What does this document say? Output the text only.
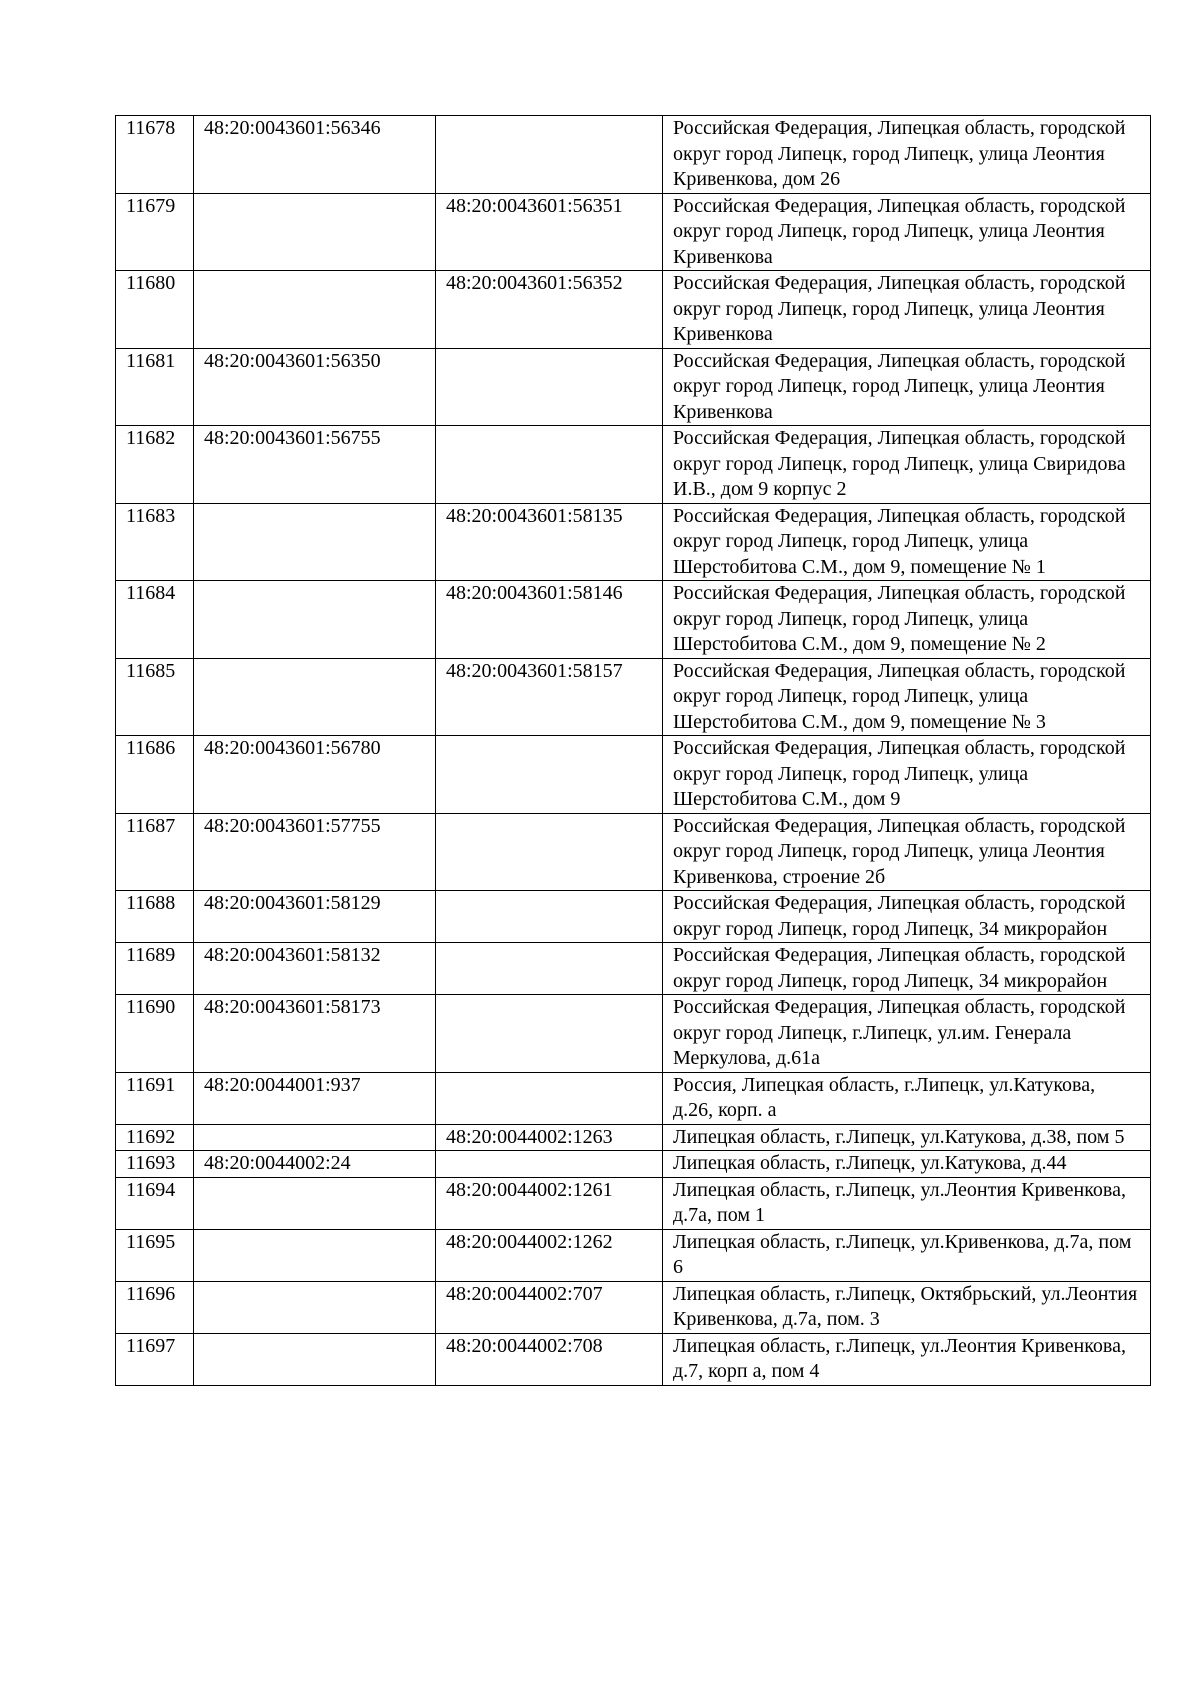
11678	48:20:0043601:56346		Российская Федерация, Липецкая область, городской округ город Липецк, город Липецк, улица Леонтия Кривенкова, дом 26
11679		48:20:0043601:56351	Российская Федерация, Липецкая область, городской округ город Липецк, город Липецк, улица Леонтия Кривенкова
11680		48:20:0043601:56352	Российская Федерация, Липецкая область, городской округ город Липецк, город Липецк, улица Леонтия Кривенкова
11681	48:20:0043601:56350		Российская Федерация, Липецкая область, городской округ город Липецк, город Липецк, улица Леонтия Кривенкова
11682	48:20:0043601:56755		Российская Федерация, Липецкая область, городской округ город Липецк, город Липецк, улица Свиридова И.В., дом 9 корпус 2
11683		48:20:0043601:58135	Российская Федерация, Липецкая область, городской округ город Липецк, город Липецк, улица Шерстобитова С.М., дом 9, помещение № 1
11684		48:20:0043601:58146	Российская Федерация, Липецкая область, городской округ город Липецк, город Липецк, улица Шерстобитова С.М., дом 9, помещение № 2
11685		48:20:0043601:58157	Российская Федерация, Липецкая область, городской округ город Липецк, город Липецк, улица Шерстобитова С.М., дом 9, помещение № 3
11686	48:20:0043601:56780		Российская Федерация, Липецкая область, городской округ город Липецк, город Липецк, улица Шерстобитова С.М., дом 9
11687	48:20:0043601:57755		Российская Федерация, Липецкая область, городской округ город Липецк, город Липецк, улица Леонтия Кривенкова, строение 2б
11688	48:20:0043601:58129		Российская Федерация, Липецкая область, городской округ город Липецк, город Липецк, 34 микрорайон
11689	48:20:0043601:58132		Российская Федерация, Липецкая область, городской округ город Липецк, город Липецк, 34 микрорайон
11690	48:20:0043601:58173		Российская Федерация, Липецкая область, городской округ город Липецк, г.Липецк, ул.им. Генерала Меркулова, д.61а
11691	48:20:0044001:937		Россия, Липецкая область, г.Липецк, ул.Катукова, д.26, корп. а
11692		48:20:0044002:1263	Липецкая область, г.Липецк, ул.Катукова, д.38, пом 5
11693	48:20:0044002:24		Липецкая область, г.Липецк, ул.Катукова, д.44
11694		48:20:0044002:1261	Липецкая область, г.Липецк, ул.Леонтия Кривенкова, д.7а, пом 1
11695		48:20:0044002:1262	Липецкая область, г.Липецк, ул.Кривенкова, д.7а, пом 6
11696		48:20:0044002:707	Липецкая область, г.Липецк, Октябрьский, ул.Леонтия Кривенкова, д.7а, пом. 3
11697		48:20:0044002:708	Липецкая область, г.Липецк, ул.Леонтия Кривенкова, д.7, корп а, пом 4
